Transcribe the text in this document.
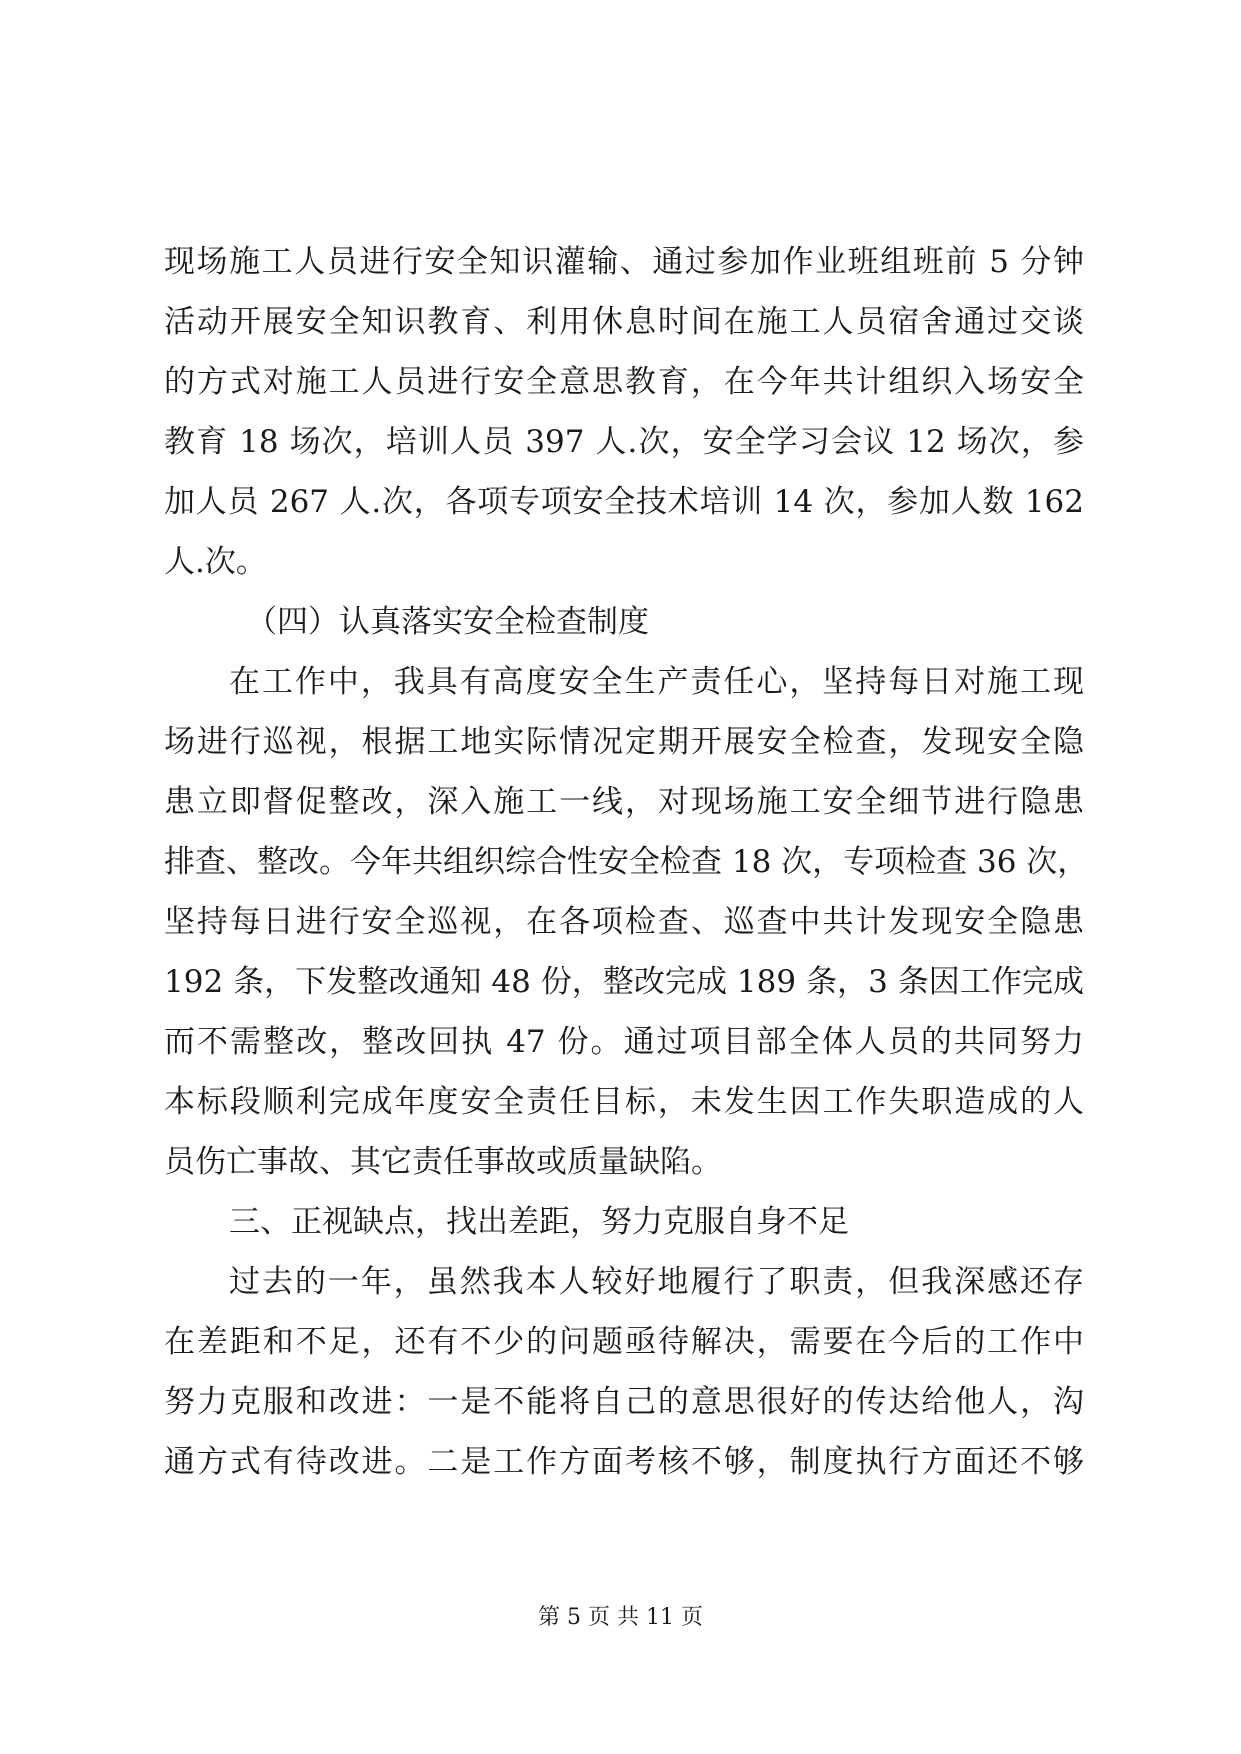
现场施工人员进行安全知识灌输、通过参加作业班组班前 5 分钟
活动开展安全知识教育、利用休息时间在施工人员宿舍通过交谈
的方式对施工人员进行安全意思教育，在今年共计组织入场安全
教育 18 场次，培训人员 397 人.次，安全学习会议 12 场次，参
加人员 267 人.次，各项专项安全技术培训 14 次，参加人数 162
人.次。
（四）认真落实安全检查制度
在工作中，我具有高度安全生产责任心，坚持每日对施工现
场进行巡视，根据工地实际情况定期开展安全检查，发现安全隐
患立即督促整改，深入施工一线，对现场施工安全细节进行隐患
排查、整改。今年共组织综合性安全检查 18 次，专项检查 36 次，
坚持每日进行安全巡视，在各项检查、巡查中共计发现安全隐患
192 条，下发整改通知 48 份，整改完成 189 条，3 条因工作完成
而不需整改，整改回执 47 份。通过项目部全体人员的共同努力
本标段顺利完成年度安全责任目标，未发生因工作失职造成的人
员伤亡事故、其它责任事故或质量缺陷。
三、正视缺点，找出差距，努力克服自身不足
过去的一年，虽然我本人较好地履行了职责，但我深感还存
在差距和不足，还有不少的问题亟待解决，需要在今后的工作中
努力克服和改进：一是不能将自己的意思很好的传达给他人，沟
通方式有待改进。二是工作方面考核不够，制度执行方面还不够
第 5 页 共 11 页
